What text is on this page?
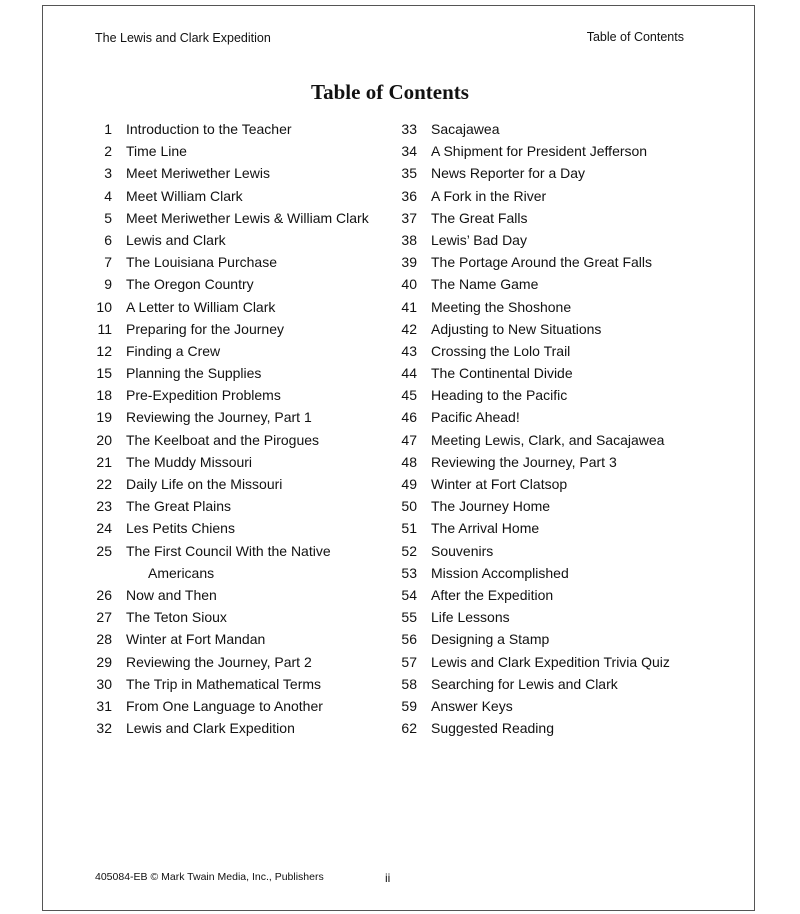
The Lewis and Clark Expedition	Table of Contents
Table of Contents
1 Introduction to the Teacher
2 Time Line
3 Meet Meriwether Lewis
4 Meet William Clark
5 Meet Meriwether Lewis & William Clark
6 Lewis and Clark
7 The Louisiana Purchase
9 The Oregon Country
10 A Letter to William Clark
11 Preparing for the Journey
12 Finding a Crew
15 Planning the Supplies
18 Pre-Expedition Problems
19 Reviewing the Journey, Part 1
20 The Keelboat and the Pirogues
21 The Muddy Missouri
22 Daily Life on the Missouri
23 The Great Plains
24 Les Petits Chiens
25 The First Council With the Native
Americans
26 Now and Then
27 The Teton Sioux
28 Winter at Fort Mandan
29 Reviewing the Journey, Part 2
30 The Trip in Mathematical Terms
31 From One Language to Another
32 Lewis and Clark Expedition
33 Sacajawea
34 A Shipment for President Jefferson
35 News Reporter for a Day
36 A Fork in the River
37 The Great Falls
38 Lewis’ Bad Day
39 The Portage Around the Great Falls
40 The Name Game
41 Meeting the Shoshone
42 Adjusting to New Situations
43 Crossing the Lolo Trail
44 The Continental Divide
45 Heading to the Pacific
46 Pacific Ahead!
47 Meeting Lewis, Clark, and Sacajawea
48 Reviewing the Journey, Part 3
49 Winter at Fort Clatsop
50 The Journey Home
51 The Arrival Home
52 Souvenirs
53 Mission Accomplished
54 After the Expedition
55 Life Lessons
56 Designing a Stamp
57 Lewis and Clark Expedition Trivia Quiz
58 Searching for Lewis and Clark
59 Answer Keys
62 Suggested Reading
405084-EB © Mark Twain Media, Inc., Publishers	ii
